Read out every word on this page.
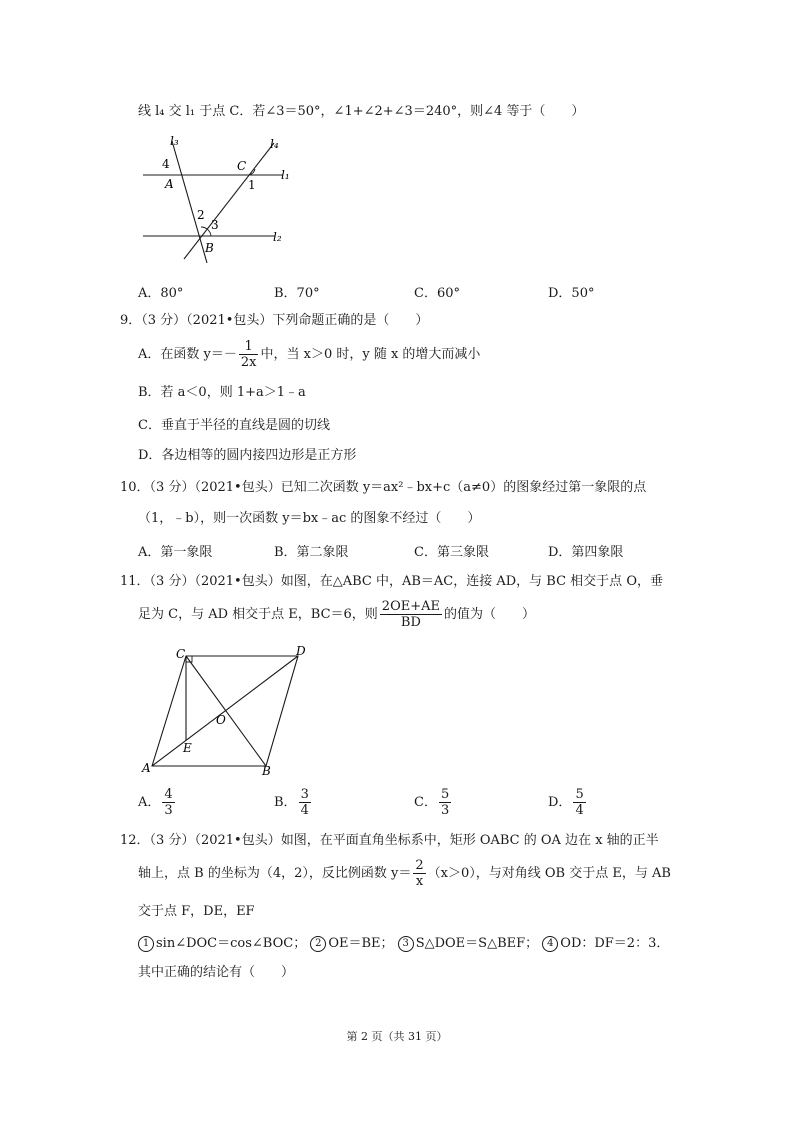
线 l₄ 交 l₁ 于点 C．若∠3＝50°，∠1+∠2+∠3＝240°，则∠4 等于（　　）
l₃	l₄
l₁
l₂
4
A
C
1
2
3
B
A．80°	B．70°	C．60°	D．50°
9．（3 分）（2021•包头）下列命题正确的是（　　）
A．在函数 $y=- \frac{1}{2x}$ 中，当 x＞0 时，y 随 x 的增大而减小
B．若 a＜0，则 1+a＞1﹣a
C．垂直于半径的直线是圆的切线
D．各边相等的圆内接四边形是正方形
10．（3 分）（2021•包头）已知二次函数 y＝ax²﹣bx+c（a≠0）的图象经过第一象限的点
（1，﹣b），则一次函数 y＝bx﹣ac 的图象不经过（　　）
A．第一象限	B．第二象限	C．第三象限	D．第四象限
11．（3 分）（2021•包头）如图，在△ABC 中，AB＝AC，连接 AD，与 BC 相交于点 O，垂
足为 C，与 AD 相交于点 E，BC＝6，则 $\frac{2OE+AE}{BD}$ 的值为（　　）
C	D
O
E
A	B
A． $\frac{4}{3}$	B． $\frac{3}{4}$	C． $\frac{5}{3}$	D． $\frac{5}{4}$
12．（3 分）（2021•包头）如图，在平面直角坐标系中，矩形 OABC 的 OA 边在 x 轴的正半
轴上，点 B 的坐标为（4，2），反比例函数 $y= \frac{2}{x} (x>0)$，与对角线 OB 交于点 E，与 AB
交于点 F，DE，EF
1 sin∠DOC＝cos∠BOC； 2 OE＝BE； 3 S△DOE＝S△BEF； 4 OD：DF＝2：3．
其中正确的结论有（　　）
第 2 页（共 31 页）
